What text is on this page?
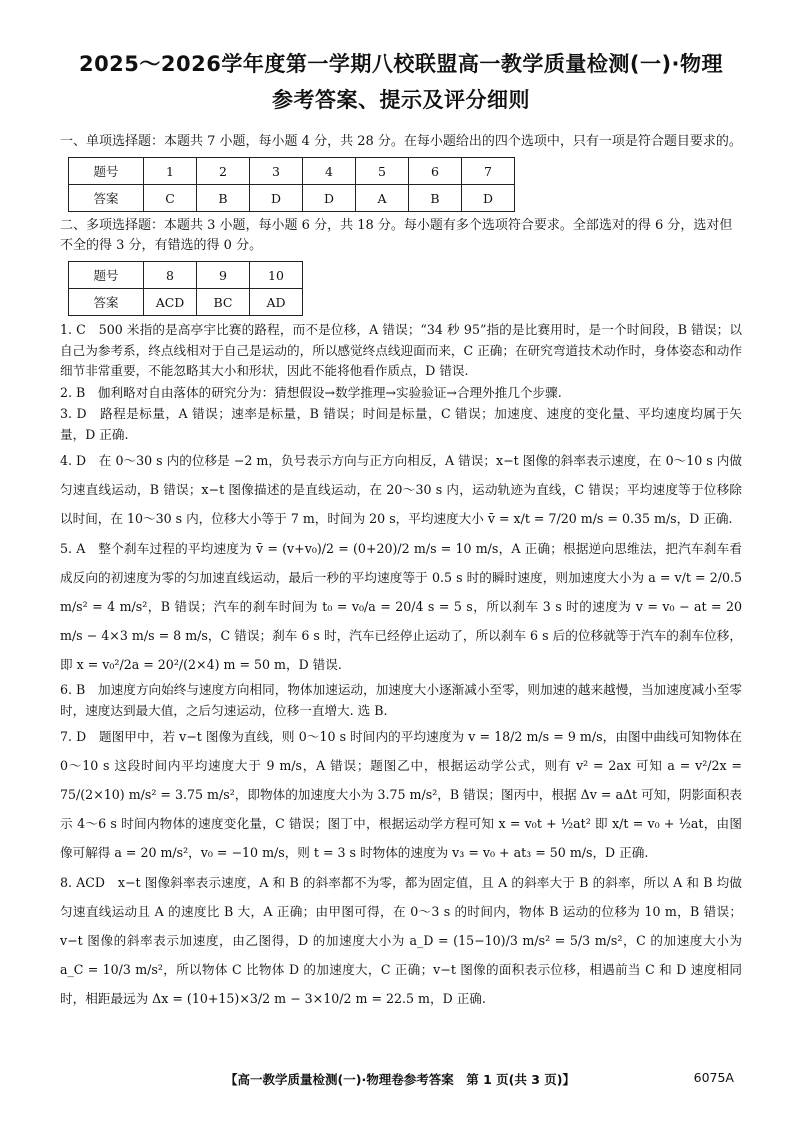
2025～2026学年度第一学期八校联盟高一教学质量检测(一)·物理
参考答案、提示及评分细则
一、单项选择题：本题共 7 小题，每小题 4 分，共 28 分。在每小题给出的四个选项中，只有一项是符合题目要求的。
题号	1	2	3	4	5	6	7
答案	C	B	D	D	A	B	D
二、多项选择题：本题共 3 小题，每小题 6 分，共 18 分。每小题有多个选项符合要求。全部选对的得 6 分，选对但不全的得 3 分，有错选的得 0 分。
题号	8	9	10
答案	ACD	BC	AD

1. C　500 米指的是高亭宇比赛的路程，而不是位移，A 错误；“34 秒 95”指的是比赛用时，是一个时间段，B 错误；以自己为参考系，终点线相对于自己是运动的，所以感觉终点线迎面而来，C 正确；在研究弯道技术动作时，身体姿态和动作细节非常重要，不能忽略其大小和形状，因此不能将他看作质点，D 错误.

2. B　伽利略对自由落体的研究分为：猜想假设→数学推理→实验验证→合理外推几个步骤.

3. D　路程是标量，A 错误；速率是标量，B 错误；时间是标量，C 错误；加速度、速度的变化量、平均速度均属于矢量，D 正确.

4. D　在 0～30 s 内的位移是 −2 m，负号表示方向与正方向相反，A 错误；x−t 图像的斜率表示速度，在 0～10 s 内做匀速直线运动，B 错误；x−t 图像描述的是直线运动，在 20～30 s 内，运动轨迹为直线，C 错误；平均速度等于位移除以时间，在 10～30 s 内，位移大小等于 7 m，时间为 20 s，平均速度大小 v̄ = x/t = 7/20 m/s = 0.35 m/s，D 正确.

5. A　整个刹车过程的平均速度为 v̄ = (v+v₀)/2 = (0+20)/2 m/s = 10 m/s，A 正确；根据逆向思维法，把汽车刹车看成反向的初速度为零的匀加速直线运动，最后一秒的平均速度等于 0.5 s 时的瞬时速度，则加速度大小为 a = v/t = 2/0.5 m/s² = 4 m/s²，B 错误；汽车的刹车时间为 t₀ = v₀/a = 20/4 s = 5 s，所以刹车 3 s 时的速度为 v = v₀ − at = 20 m/s − 4×3 m/s = 8 m/s，C 错误；刹车 6 s 时，汽车已经停止运动了，所以刹车 6 s 后的位移就等于汽车的刹车位移，即 x = v₀²/2a = 20²/(2×4) m = 50 m，D 错误.

6. B　加速度方向始终与速度方向相同，物体加速运动，加速度大小逐渐减小至零，则加速的越来越慢，当加速度减小至零时，速度达到最大值，之后匀速运动，位移一直增大. 选 B.

7. D　题图甲中，若 v−t 图像为直线，则 0～10 s 时间内的平均速度为 v = 18/2 m/s = 9 m/s，由图中曲线可知物体在 0～10 s 这段时间内平均速度大于 9 m/s，A 错误；题图乙中，根据运动学公式，则有 v² = 2ax 可知 a = v²/2x = 75/(2×10) m/s² = 3.75 m/s²，即物体的加速度大小为 3.75 m/s²，B 错误；图丙中，根据 Δv = aΔt 可知，阴影面积表示 4～6 s 时间内物体的速度变化量，C 错误；图丁中，根据运动学方程可知 x = v₀t + ½at² 即 x/t = v₀ + ½at，由图像可解得 a = 20 m/s²，v₀ = −10 m/s，则 t = 3 s 时物体的速度为 v₃ = v₀ + at₃ = 50 m/s，D 正确.

8. ACD　x−t 图像斜率表示速度，A 和 B 的斜率都不为零，都为固定值，且 A 的斜率大于 B 的斜率，所以 A 和 B 均做匀速直线运动且 A 的速度比 B 大，A 正确；由甲图可得，在 0～3 s 的时间内，物体 B 运动的位移为 10 m，B 错误；v−t 图像的斜率表示加速度，由乙图得，D 的加速度大小为 a_D = (15−10)/3 m/s² = 5/3 m/s²，C 的加速度大小为 a_C = 10/3 m/s²，所以物体 C 比物体 D 的加速度大，C 正确；v−t 图像的面积表示位移，相遇前当 C 和 D 速度相同时，相距最远为 Δx = (10+15)×3/2 m − 3×10/2 m = 22.5 m，D 正确.

【高一教学质量检测(一)·物理卷参考答案　第 1 页(共 3 页)】	6075A
